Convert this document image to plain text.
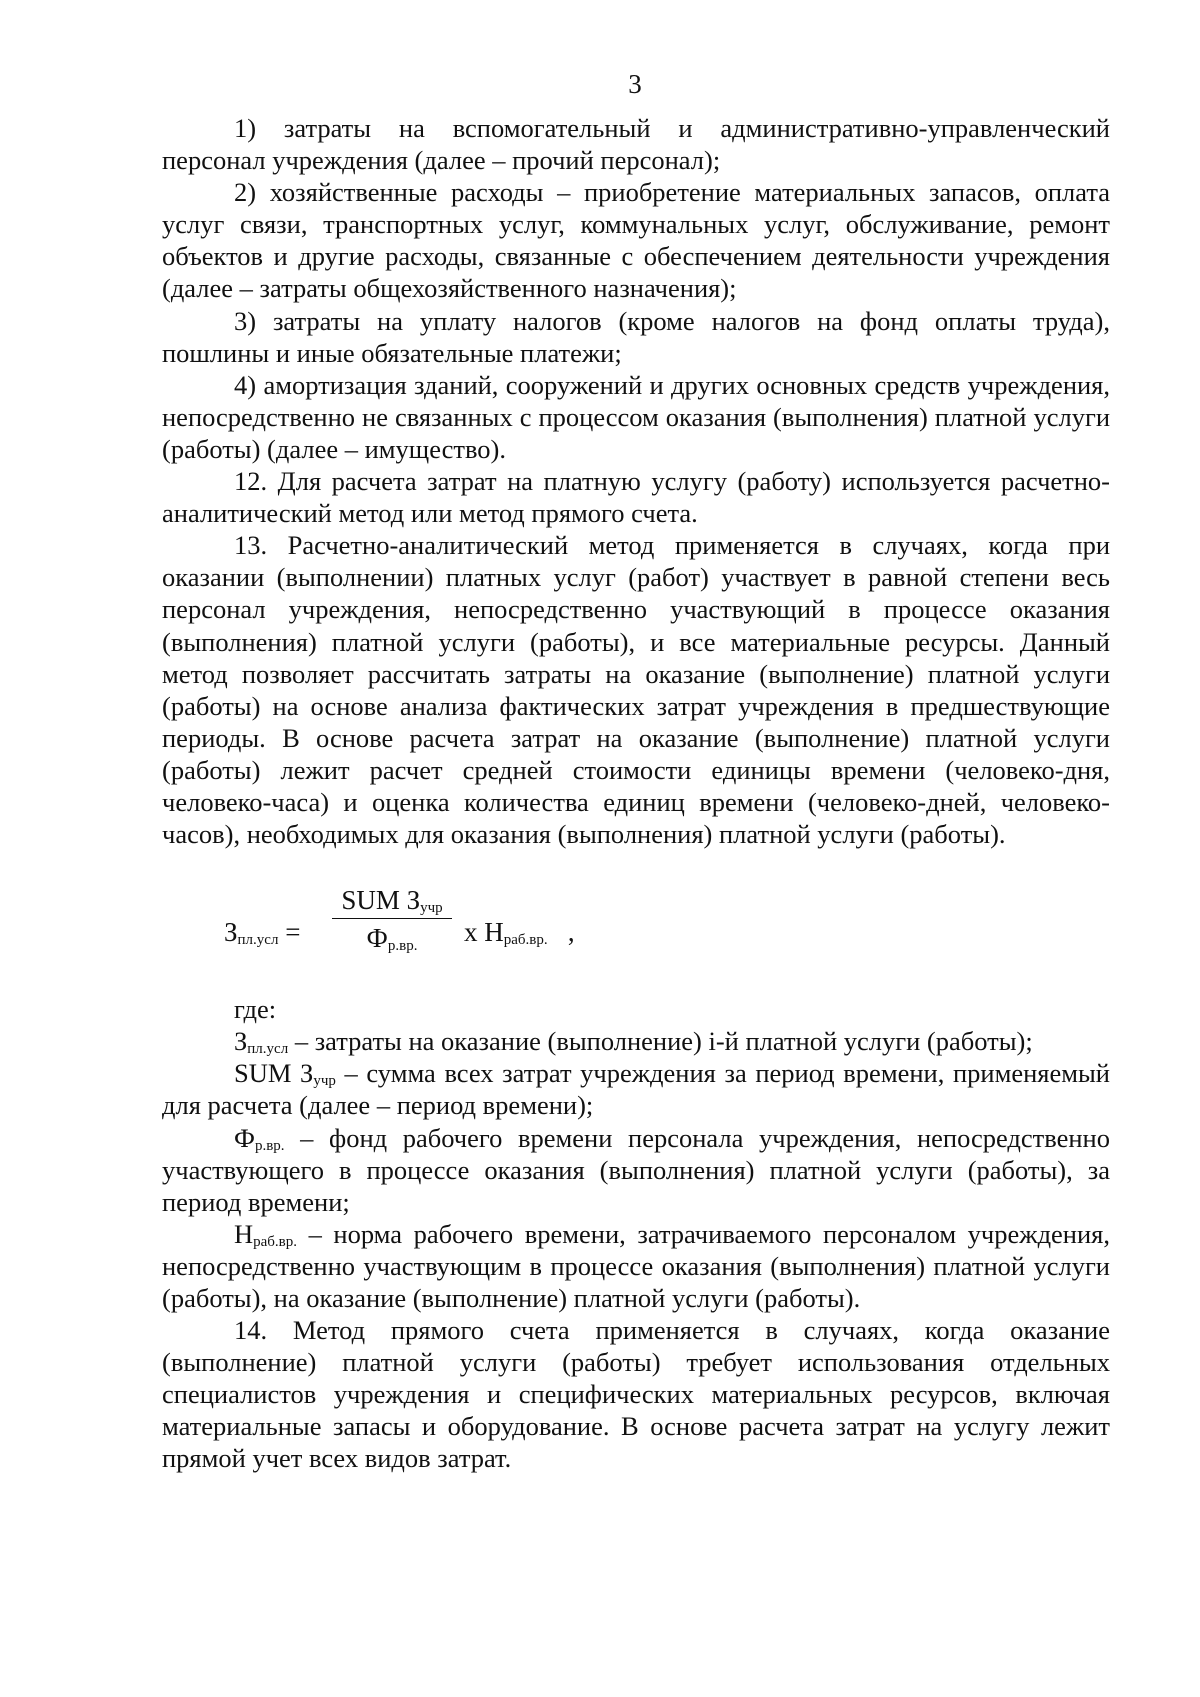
3

1) затраты на вспомогательный и административно-управленческий персонал учреждения (далее – прочий персонал);

2) хозяйственные расходы – приобретение материальных запасов, оплата услуг связи, транспортных услуг, коммунальных услуг, обслуживание, ремонт объектов и другие расходы, связанные с обеспечением деятельности учреждения (далее – затраты общехозяйственного назначения);

3) затраты на уплату налогов (кроме налогов на фонд оплаты труда), пошлины и иные обязательные платежи;

4) амортизация зданий, сооружений и других основных средств учреждения, непосредственно не связанных с процессом оказания (выполнения) платной услуги (работы) (далее – имущество).

12. Для расчета затрат на платную услугу (работу) используется расчетно-аналитический метод или метод прямого счета.

13. Расчетно-аналитический метод применяется в случаях, когда при оказании (выполнении) платных услуг (работ) участвует в равной степени весь персонал учреждения, непосредственно участвующий в процессе оказания (выполнения) платной услуги (работы), и все материальные ресурсы. Данный метод позволяет рассчитать затраты на оказание (выполнение) платной услуги (работы) на основе анализа фактических затрат учреждения в предшествующие периоды. В основе расчета затрат на оказание (выполнение) платной услуги (работы) лежит расчет средней стоимости единицы времени (человеко-дня, человеко-часа) и оценка количества единиц времени (человеко-дней, человеко-часов), необходимых для оказания (выполнения) платной услуги (работы).

$З_{пл.усл}$ =
SUM $З_{учр}$
$Ф_{р.вр.}$	х $Н_{раб.вр.}$ ,

где:

$З_{пл.усл}$ – затраты на оказание (выполнение) i-й платной услуги (работы);

SUM $З_{учр}$ – сумма всех затрат учреждения за период времени, применяемый для расчета (далее – период времени);

$Ф_{р.вр.}$ – фонд рабочего времени персонала учреждения, непосредственно участвующего в процессе оказания (выполнения) платной услуги (работы), за период времени;

$Н_{раб.вр.}$ – норма рабочего времени, затрачиваемого персоналом учреждения, непосредственно участвующим в процессе оказания (выполнения) платной услуги (работы), на оказание (выполнение) платной услуги (работы).

14. Метод прямого счета применяется в случаях, когда оказание (выполнение) платной услуги (работы) требует использования отдельных специалистов учреждения и специфических материальных ресурсов, включая материальные запасы и оборудование. В основе расчета затрат на услугу лежит прямой учет всех видов затрат.
